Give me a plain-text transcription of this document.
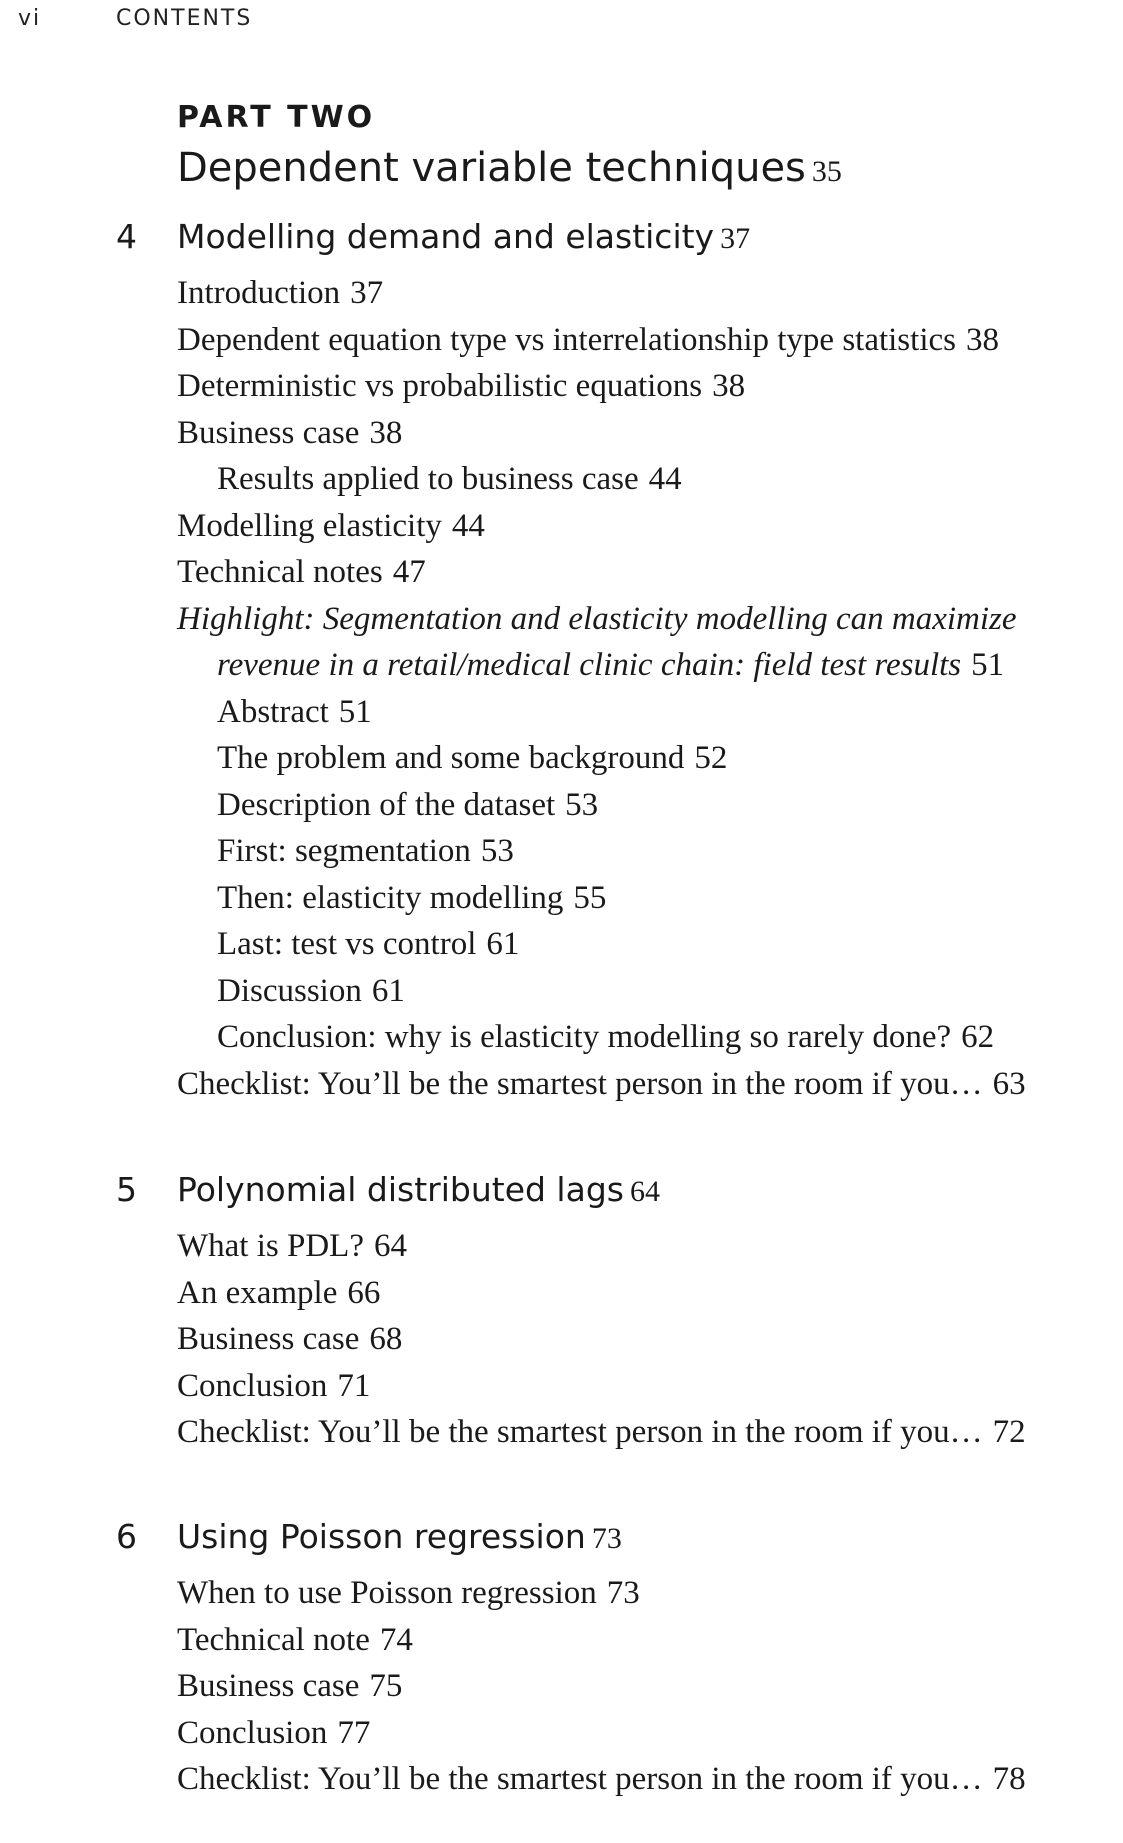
vi	CONTENTS
PART TWO
Dependent variable techniques 35
4 Modelling demand and elasticity 37
Introduction 37
Dependent equation type vs interrelationship type statistics 38
Deterministic vs probabilistic equations 38
Business case 38
Results applied to business case 44
Modelling elasticity 44
Technical notes 47
Highlight: Segmentation and elasticity modelling can maximize revenue in a retail/medical clinic chain: field test results 51
Abstract 51
The problem and some background 52
Description of the dataset 53
First: segmentation 53
Then: elasticity modelling 55
Last: test vs control 61
Discussion 61
Conclusion: why is elasticity modelling so rarely done? 62
Checklist: You’ll be the smartest person in the room if you… 63
5 Polynomial distributed lags 64
What is PDL? 64
An example 66
Business case 68
Conclusion 71
Checklist: You’ll be the smartest person in the room if you… 72
6 Using Poisson regression 73
When to use Poisson regression 73
Technical note 74
Business case 75
Conclusion 77
Checklist: You’ll be the smartest person in the room if you… 78
